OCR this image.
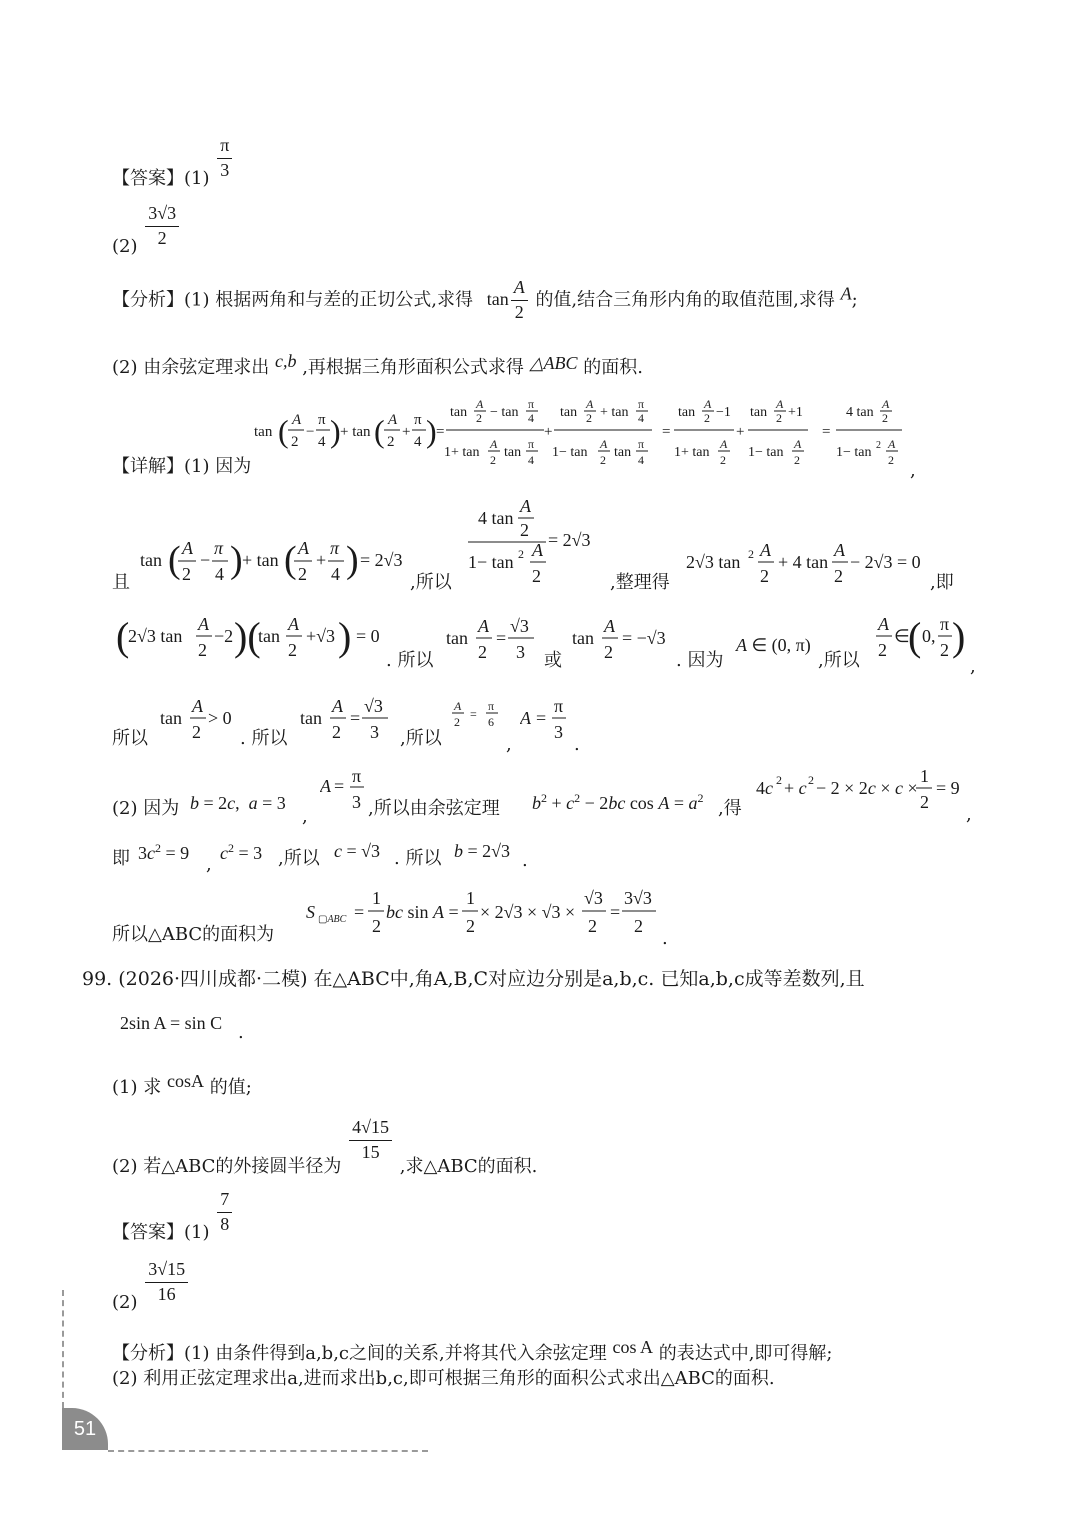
【答案】$(1) \frac{\pi}{3}$
$(2) \frac{3√3}{2}$
【分析】(1) 根据两角和与差的正切公式,求得 $\tan \frac{A}{2}$ 的值,结合三角形内角的取值范围,求得 A;
(2) 由余弦定理求出 c,b ,再根据三角形面积公式求得 △ABC 的面积.
tan ( A
2
−
π
4 ) + tan ( A
2
+
π
4 ) =
tan
A
2 − tan
π
4
1+ tan
A
2 tan
π
4
+
tan
A
2 + tan
π
4
1− tan
A
2 tan
π
4
=
tan
A
2 −1
1+ tan
A
2
+
tan
A
2 +1
1− tan
A
2
=
4 tan
A
2
1− tan 2 A
2
【详解】(1) 因为	,
且
tan ( A
2
−
π
4 ) + tan ( A
2
+
π
4 ) = 2√3
,所以
4 tan
A
2
1− tan 2 A
2
= 2√3
,整理得
2√3 tan 2 A
2
+ 4 tan
A
2
− 2√3 = 0
,即
(
2√3 tan
A
2
−2 )(
tan
A
2
+√3 ) = 0
. 所以
tan
A
2
=
√3
3 或
tan
A
2
= −√3
. 因为
A ∈ (0, π)
,所以
A
2
∈
( 0,
π
2 )
,
所以
tan
A
2
> 0
. 所以
tan
A
2
=
√3
3 ,所以
A
2
=
π
6
,
A =
π
3
.
(2) 因为 b = 2c,  a = 3
,
A = π
3 ,所以由余弦定理 $b^2 + c^2 - 2bc$ $\cos A = a^2$ ,得
4c 2 + c 2 − 2 × 2c × c ×
1
2
= 9
,
即 $3c^2 = 9$
,
$c^2 = 3$ ,所以 c = √3 . 所以 b = 2√3 .
所以△ABC的面积为
S ▢ABC =
1
2
bc sin A =
1
2
× 2√3 × √3 ×
√3
2
=
3√3
2
.
99. (2026·四川成都·二模) 在△ABC中,角A,B,C对应边分别是a,b,c. 已知a,b,c成等差数列,且
2sin A = sin C .
(1) 求 cosA 的值;
(2) 若△ABC的外接圆半径为
$\frac{4√15}{15}$
,求△ABC的面积.
【答案】$(1) \frac{7}{8}$
$(2) \frac{3√15}{16}$
【分析】(1) 由条件得到a,b,c之间的关系,并将其代入余弦定理 cos A 的表达式中,即可得解;
(2) 利用正弦定理求出a,进而求出b,c,即可根据三角形的面积公式求出△ABC的面积.
51
